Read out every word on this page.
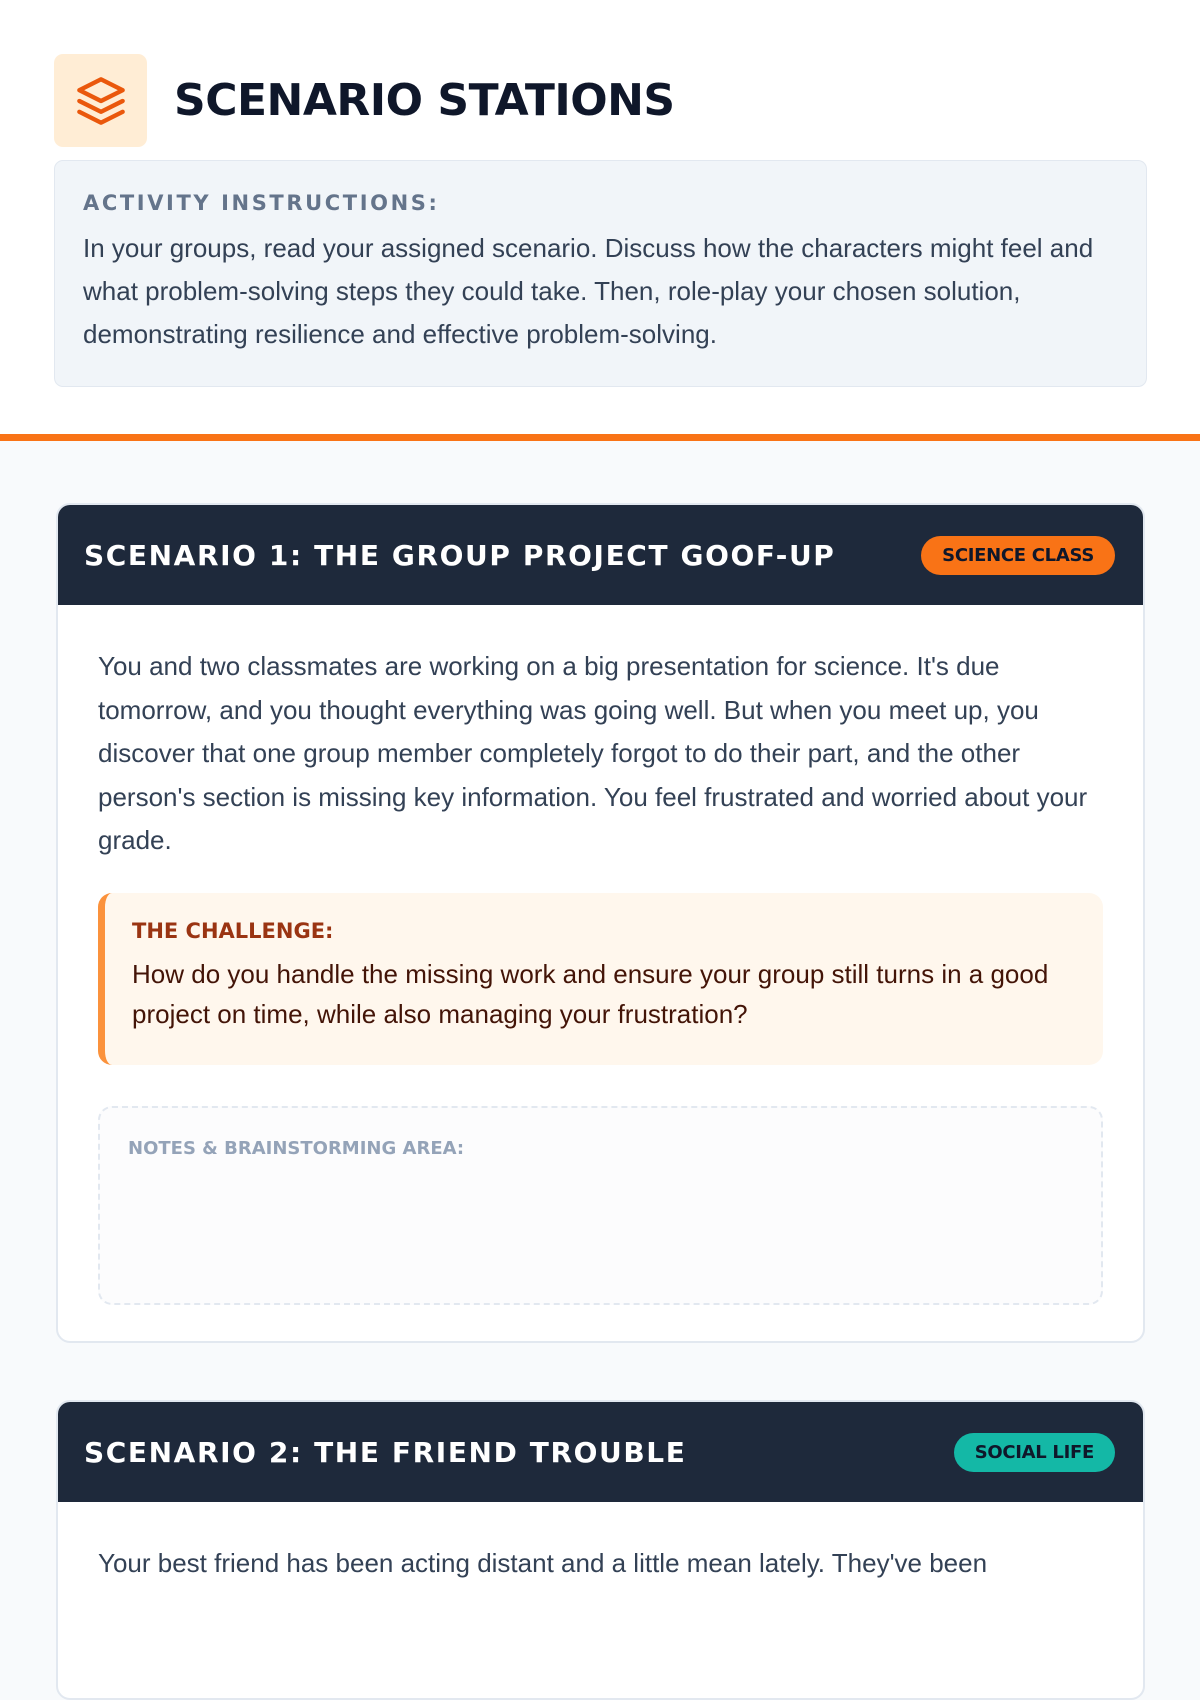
SCENARIO STATIONS
ACTIVITY INSTRUCTIONS:

In your groups, read your assigned scenario. Discuss how the characters might feel and what problem-solving steps they could take. Then, role-play your chosen solution, demonstrating resilience and effective problem-solving.

SCENARIO 1: THE GROUP PROJECT GOOF-UP	SCIENCE CLASS

You and two classmates are working on a big presentation for science. It's due tomorrow, and you thought everything was going well. But when you meet up, you discover that one group member completely forgot to do their part, and the other person's section is missing key information. You feel frustrated and worried about your grade.

THE CHALLENGE:

How do you handle the missing work and ensure your group still turns in a good project on time, while also managing your frustration?

NOTES & BRAINSTORMING AREA:
SCENARIO 2: THE FRIEND TROUBLE	SOCIAL LIFE

Your best friend has been acting distant and a little mean lately. They've been
